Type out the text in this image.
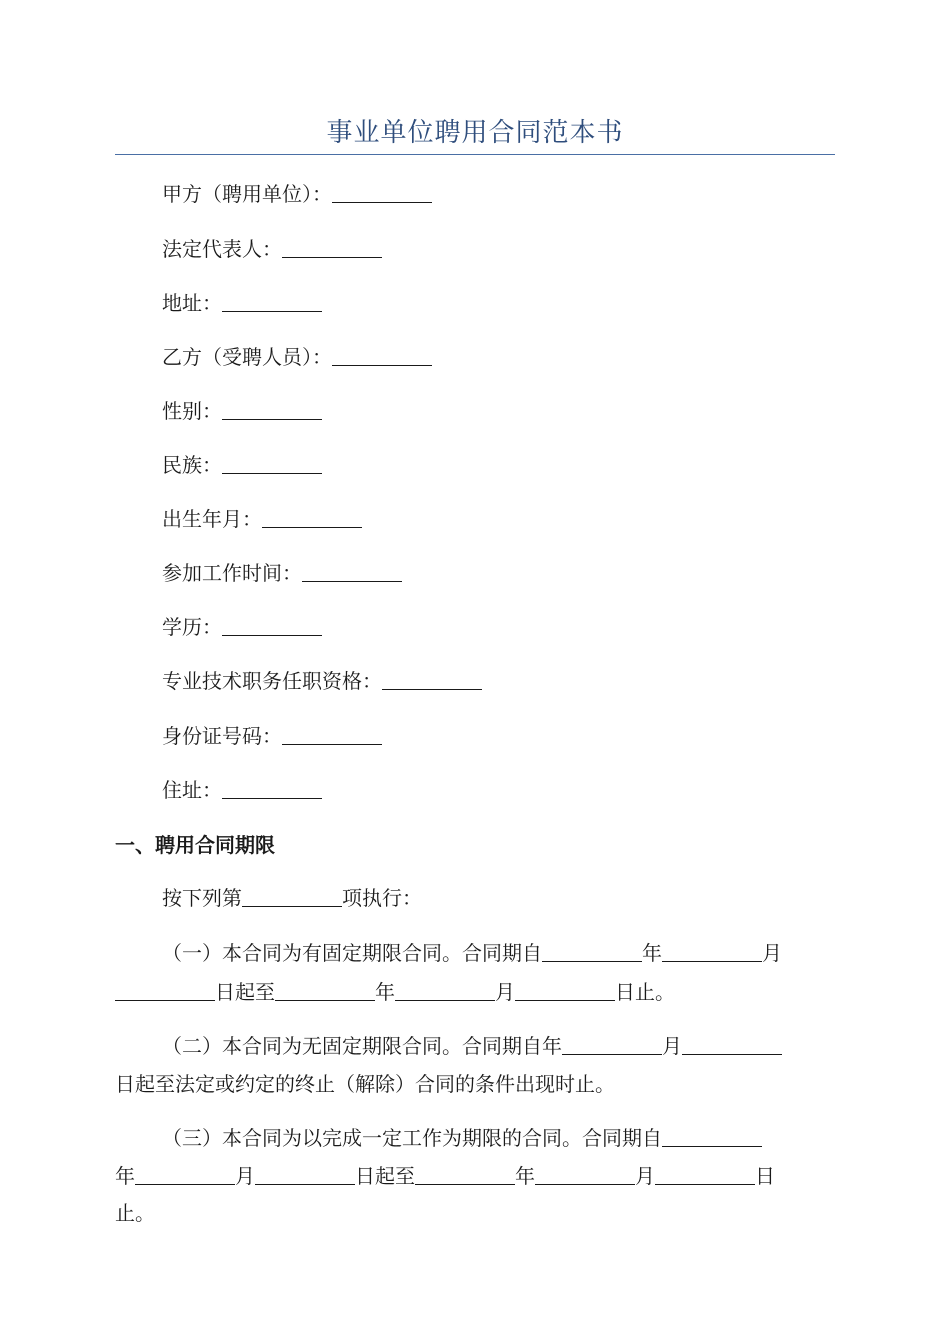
事业单位聘用合同范本书
甲方（聘用单位）：
法定代表人：
地址：
乙方（受聘人员）：
性别：
民族：
出生年月：
参加工作时间：
学历：
专业技术职务任职资格：
身份证号码：
住址：
一、聘用合同期限
按下列第	项执行：
（一）本合同为有固定期限合同。合同期自	年	月
日起至	年	月	日止。
（二）本合同为无固定期限合同。合同期自年	月
日起至法定或约定的终止（解除）合同的条件出现时止。
（三）本合同为以完成一定工作为期限的合同。合同期自
年	月	日起至	年	月	日
止。
